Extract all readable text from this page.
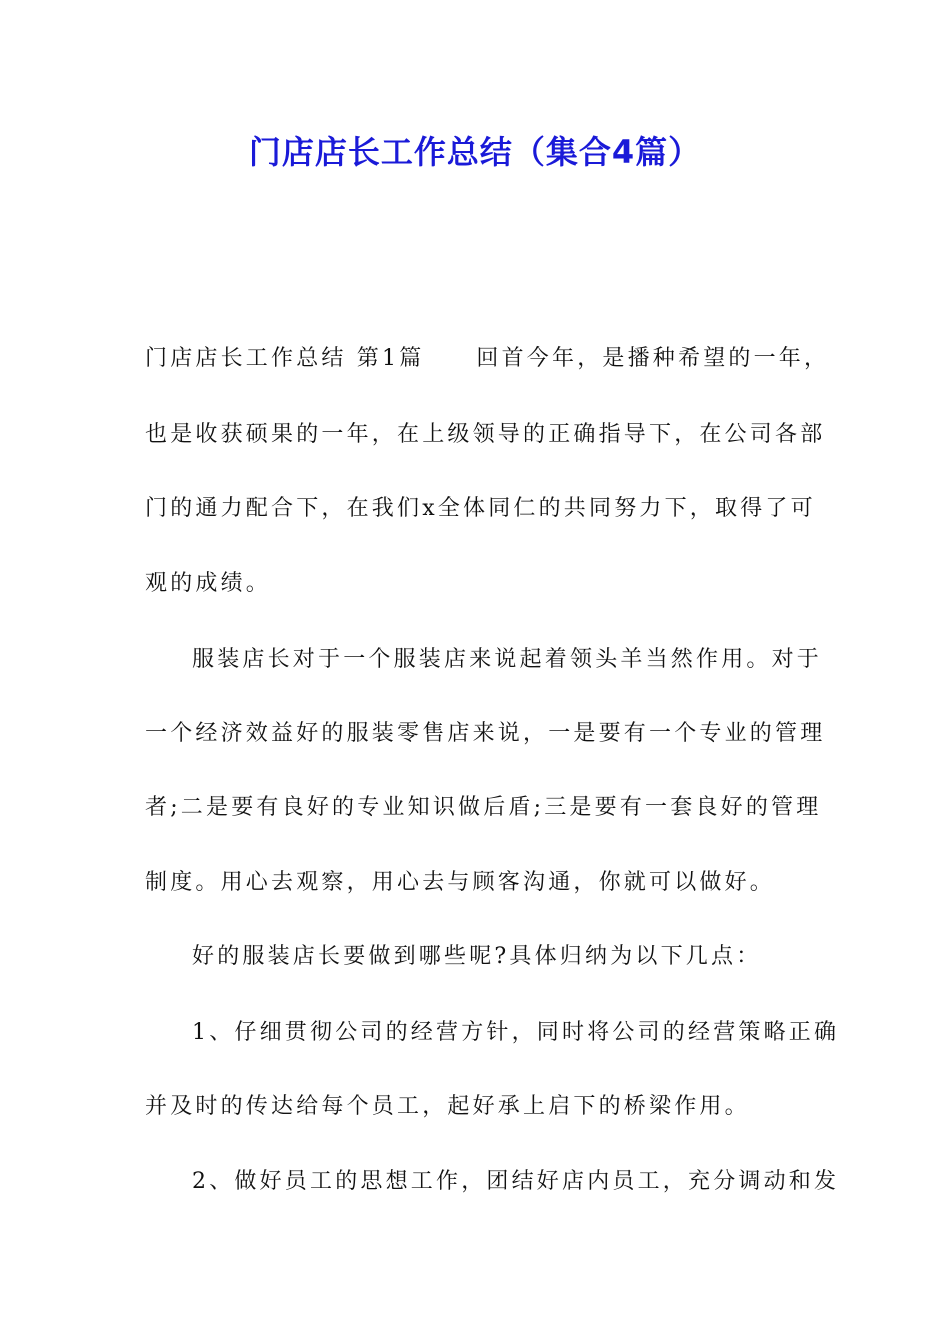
门店店长工作总结（集合4篇）
门店店长工作总结 第1篇 回首今年，是播种希望的一年，
也是收获硕果的一年，在上级领导的正确指导下，在公司各部
门的通力配合下，在我们x全体同仁的共同努力下，取得了可
观的成绩。
服装店长对于一个服装店来说起着领头羊当然作用。对于
一个经济效益好的服装零售店来说，一是要有一个专业的管理
者;二是要有良好的专业知识做后盾;三是要有一套良好的管理
制度。用心去观察，用心去与顾客沟通，你就可以做好。
好的服装店长要做到哪些呢?具体归纳为以下几点：
1、仔细贯彻公司的经营方针，同时将公司的经营策略正确
并及时的传达给每个员工，起好承上启下的桥梁作用。
2、做好员工的思想工作，团结好店内员工，充分调动和发
